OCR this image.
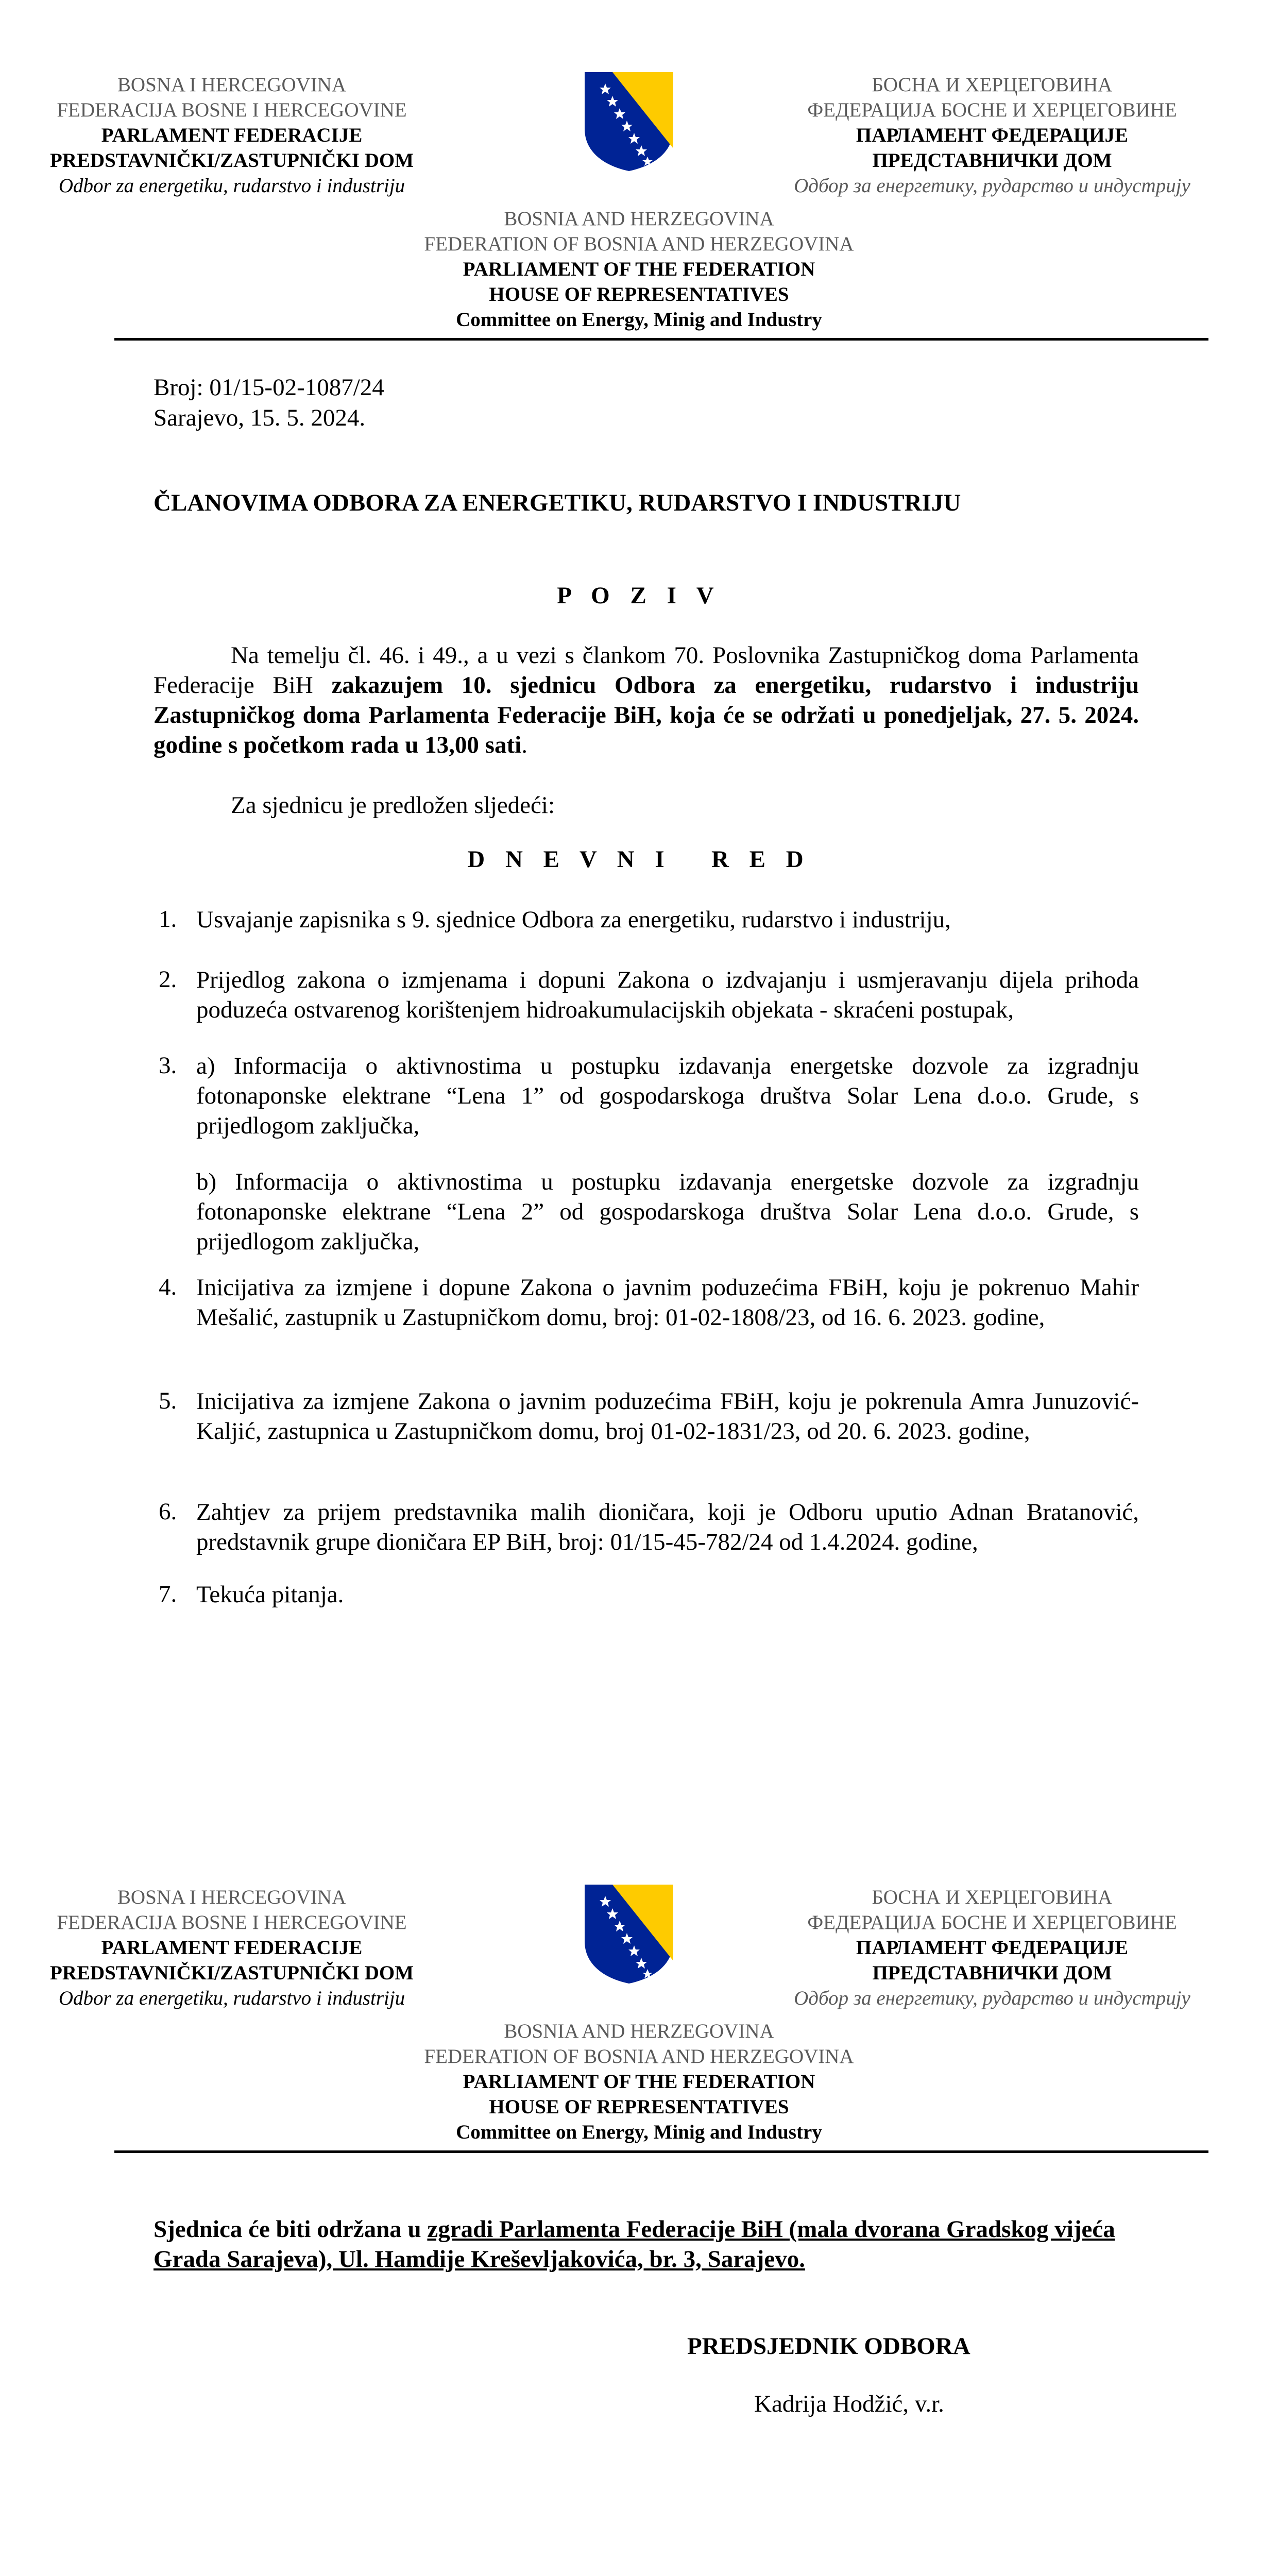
BOSNA I HERCEGOVINA
FEDERACIJA BOSNE I HERCEGOVINE
PARLAMENT FEDERACIJE
PREDSTAVNIČKI/ZASTUPNIČKI DOM
Odbor za energetiku, rudarstvo i industriju
БОСНА И ХЕРЦЕГОВИНА
ФЕДЕРАЦИЈА БОСНЕ И ХЕРЦЕГОВИНЕ
ПАРЛАМЕНТ ФЕДЕРАЦИЈЕ
ПРЕДСТАВНИЧКИ ДОМ
Одбор за енергетику, рударство и индустрију
BOSNIA AND HERZEGOVINA
FEDERATION OF BOSNIA AND HERZEGOVINA
PARLIAMENT OF THE FEDERATION
HOUSE OF REPRESENTATIVES
Committee on Energy, Minig and Industry
Broj: 01/15-02-1087/24
Sarajevo, 15. 5. 2024.
ČLANOVIMA ODBORA ZA ENERGETIKU, RUDARSTVO I INDUSTRIJU
P O Z I V
Na temelju čl. 46. i 49., a u vezi s člankom 70. Poslovnika Zastupničkog doma Parlamenta Federacije BiH zakazujem 10. sjednicu Odbora za energetiku, rudarstvo i industriju Zastupničkog doma Parlamenta Federacije BiH, koja će se održati u ponedjeljak, 27. 5. 2024. godine s početkom rada u 13,00 sati.
Za sjednicu je predložen sljedeći:
D N E V N I   R E D
1. Usvajanje zapisnika s 9. sjednice Odbora za energetiku, rudarstvo i industriju,
2. Prijedlog zakona o izmjenama i dopuni Zakona o izdvajanju i usmjeravanju dijela prihoda poduzeća ostvarenog korištenjem hidroakumulacijskih objekata - skraćeni postupak,
3. a) Informacija o aktivnostima u postupku izdavanja energetske dozvole za izgradnju fotonaponske elektrane “Lena 1” od gospodarskoga društva Solar Lena d.o.o. Grude, s prijedlogom zaključka,
b) Informacija o aktivnostima u postupku izdavanja energetske dozvole za izgradnju fotonaponske elektrane “Lena 2” od gospodarskoga društva Solar Lena d.o.o. Grude, s prijedlogom zaključka,
4. Inicijativa za izmjene i dopune Zakona o javnim poduzećima FBiH, koju je pokrenuo Mahir Mešalić, zastupnik u Zastupničkom domu, broj: 01-02-1808/23, od 16. 6. 2023. godine,
5. Inicijativa za izmjene Zakona o javnim poduzećima FBiH, koju je pokrenula Amra Junuzović- Kaljić, zastupnica u Zastupničkom domu, broj 01-02-1831/23, od 20. 6. 2023. godine,
6. Zahtjev za prijem predstavnika malih dioničara, koji je Odboru uputio Adnan Bratanović, predstavnik grupe dioničara EP BiH, broj: 01/15-45-782/24 od 1.4.2024. godine,
7. Tekuća pitanja.
BOSNA I HERCEGOVINA
FEDERACIJA BOSNE I HERCEGOVINE
PARLAMENT FEDERACIJE
PREDSTAVNIČKI/ZASTUPNIČKI DOM
Odbor za energetiku, rudarstvo i industriju
БОСНА И ХЕРЦЕГОВИНА
ФЕДЕРАЦИЈА БОСНЕ И ХЕРЦЕГОВИНЕ
ПАРЛАМЕНТ ФЕДЕРАЦИЈЕ
ПРЕДСТАВНИЧКИ ДОМ
Одбор за енергетику, рударство и индустрију
BOSNIA AND HERZEGOVINA
FEDERATION OF BOSNIA AND HERZEGOVINA
PARLIAMENT OF THE FEDERATION
HOUSE OF REPRESENTATIVES
Committee on Energy, Minig and Industry
Sjednica će biti održana u zgradi Parlamenta Federacije BiH (mala dvorana Gradskog vijeća Grada Sarajeva), Ul. Hamdije Kreševljakovića, br. 3, Sarajevo.
PREDSJEDNIK ODBORA
Kadrija Hodžić, v.r.
